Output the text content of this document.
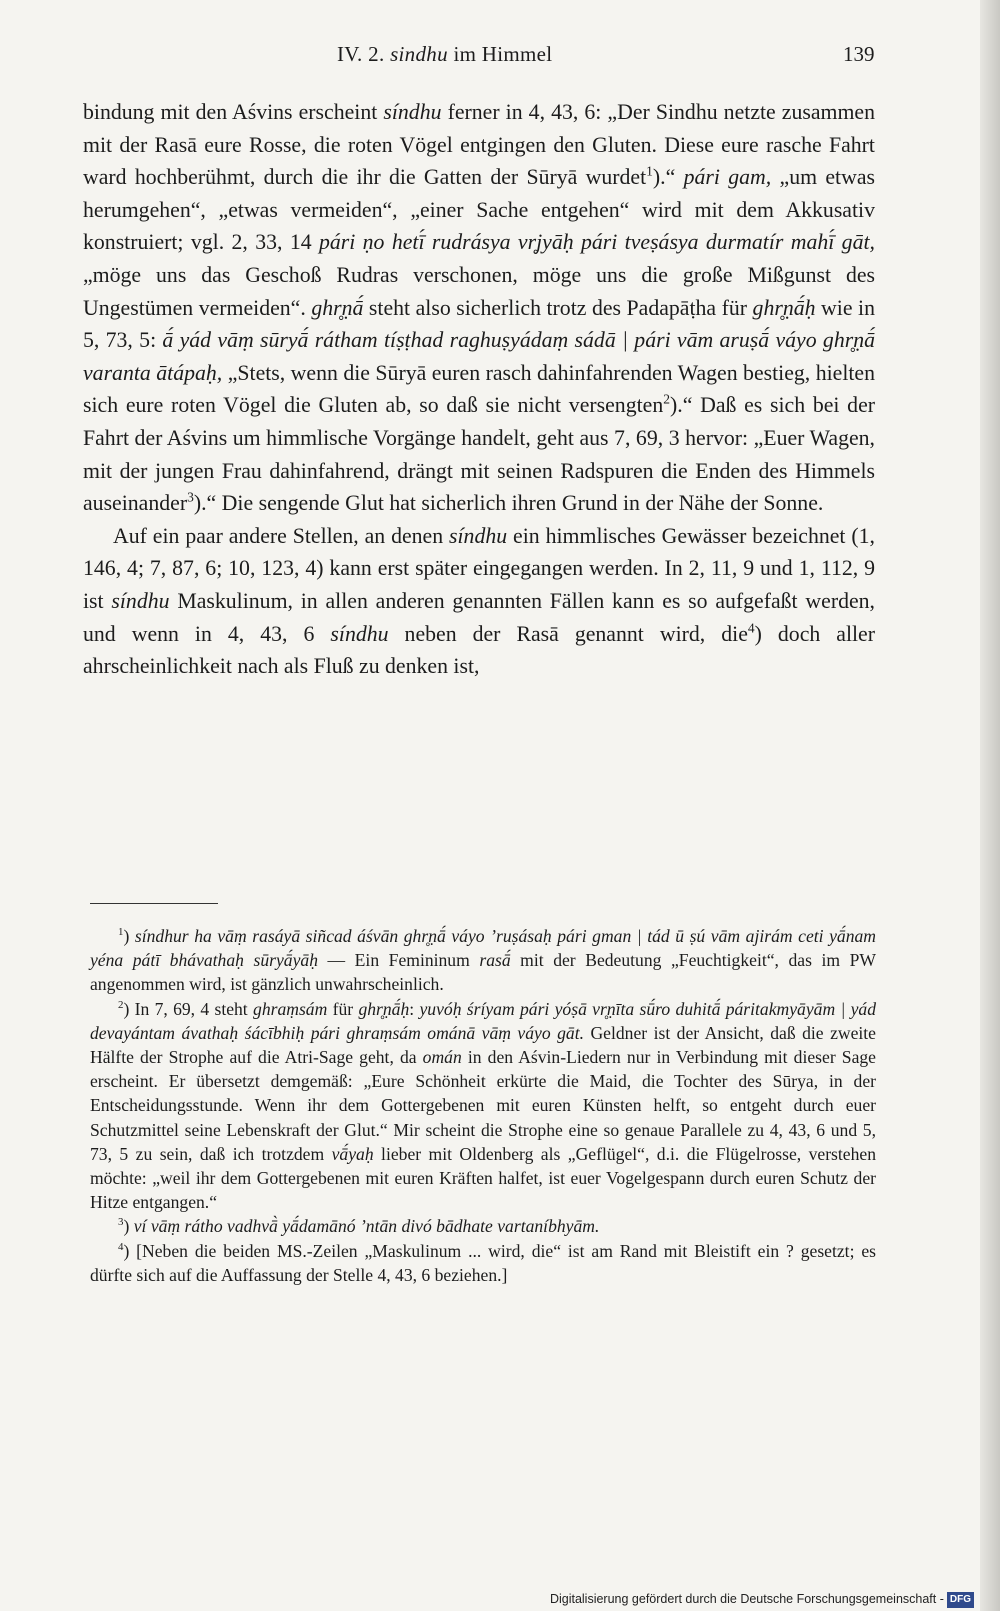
IV. 2. sindhu im Himmel	139

bindung mit den Aśvins erscheint síndhu ferner in 4, 43, 6: „Der Sindhu netzte zusammen mit der Rasā eure Rosse, die roten Vögel entgingen den Gluten. Diese eure rasche Fahrt ward hochberühmt, durch die ihr die Gatten der Sūryā wurdet$^1$).“ pári gam, „um etwas herumgehen“, „etwas vermeiden“, „einer Sache entgehen“ wird mit dem Akkusativ konstruiert; vgl. 2, 33, 14 pári ṇo hetī́ rudrásya vr̥jyāḥ pári tveṣásya durmatír mahī́ gāt, „möge uns das Geschoß Rudras verschonen, möge uns die große Mißgunst des Ungestümen vermeiden“. ghr̥ṇā́ steht also sicherlich trotz des Padapāṭha für ghr̥ṇā́ḥ wie in 5, 73, 5: ā́ yád vāṃ sūryā́ rátham tíṣṭhad raghuṣyádaṃ sádā | pári vām aruṣā́ váyo ghr̥ṇā́ varanta ātápaḥ, „Stets, wenn die Sūryā euren rasch dahinfahrenden Wagen bestieg, hielten sich eure roten Vögel die Gluten ab, so daß sie nicht versengten$^2$).“ Daß es sich bei der Fahrt der Aśvins um himmlische Vorgänge handelt, geht aus 7, 69, 3 hervor: „Euer Wagen, mit der jungen Frau dahinfahrend, drängt mit seinen Radspuren die Enden des Himmels auseinander$^3$).“ Die sengende Glut hat sicherlich ihren Grund in der Nähe der Sonne.

Auf ein paar andere Stellen, an denen síndhu ein himmlisches Gewässer bezeichnet (1, 146, 4; 7, 87, 6; 10, 123, 4) kann erst später eingegangen werden. In 2, 11, 9 und 1, 112, 9 ist síndhu Maskulinum, in allen anderen genannten Fällen kann es so aufgefaßt werden, und wenn in 4, 43, 6 síndhu neben der Rasā genannt wird, die$^4$) doch aller ahrscheinlichkeit nach als Fluß zu denken ist,

$^1$) síndhur ha vāṃ rasáyā siñcad áśvān ghr̥ṇā́ váyo ’ruṣásaḥ pári gman | tád ū ṣú vām ajirám ceti yā́nam yéna pátī bhávathaḥ sūryā́yāḥ — Ein Femininum rasā́ mit der Bedeutung „Feuchtigkeit“, das im PW angenommen wird, ist gänzlich unwahrscheinlich.

$^2$) In 7, 69, 4 steht ghraṃsám für ghr̥ṇā́ḥ: yuvóḥ śríyam pári yóṣā vr̥ṇīta sū́ro duhitā́ páritakmyāyām | yád devayántam ávathaḥ śácībhiḥ pári ghraṃsám ománā vāṃ váyo gāt. Geldner ist der Ansicht, daß die zweite Hälfte der Strophe auf die Atri-Sage geht, da omán in den Aśvin-Liedern nur in Verbindung mit dieser Sage erscheint. Er übersetzt demgemäß: „Eure Schönheit erkürte die Maid, die Tochter des Sūrya, in der Entscheidungsstunde. Wenn ihr dem Gottergebenen mit euren Künsten helft, so entgeht durch euer Schutzmittel seine Lebenskraft der Glut.“ Mir scheint die Strophe eine so genaue Parallele zu 4, 43, 6 und 5, 73, 5 zu sein, daß ich trotzdem vā́yaḥ lieber mit Oldenberg als „Geflügel“, d.i. die Flügelrosse, verstehen möchte: „weil ihr dem Gottergebenen mit euren Kräften halfet, ist euer Vogelgespann durch euren Schutz der Hitze entgangen.“

$^3$) ví vāṃ rátho vadhvā̀ yā́damānó ’ntān divó bādhate vartaníbhyām.

$^4$) [Neben die beiden MS.-Zeilen „Maskulinum ... wird, die“ ist am Rand mit Bleistift ein ? gesetzt; es dürfte sich auf die Auffassung der Stelle 4, 43, 6 beziehen.]

Digitalisierung gefördert durch die Deutsche Forschungsgemeinschaft - DFG
